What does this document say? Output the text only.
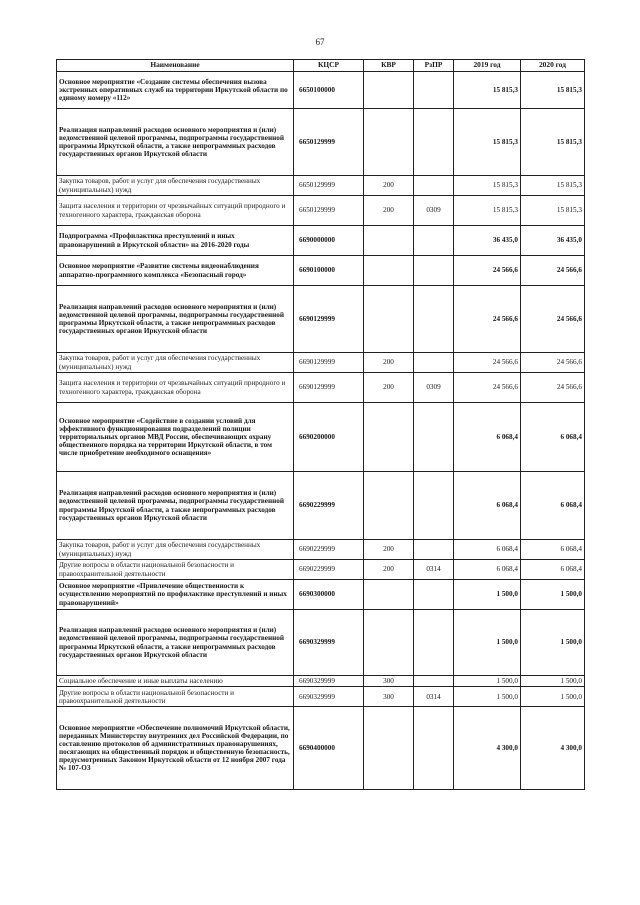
67
Наименование	КЦСР	КВР	РзПР	2019 год	2020 год
Основное мероприятие «Создание системы обеспечения вызова экстренных оперативных служб на территории Иркутской области по единому номеру «112»	6650100000			15 815,3	15 815,3
Реализация направлений расходов основного мероприятия и (или) ведомственной целевой программы, подпрограммы государственной программы Иркутской области, а также непрограммных расходов государственных органов Иркутской области	6650129999			15 815,3	15 815,3
Закупка товаров, работ и услуг для обеспечения государственных (муниципальных) нужд	6650129999	200		15 815,3	15 815,3
Защита населения и территории от чрезвычайных ситуаций природного и техногенного характера, гражданская оборона	6650129999	200	0309	15 815,3	15 815,3
Подпрограмма «Профилактика преступлений и иных правонарушений в Иркутской области» на 2016-2020 годы	6690000000			36 435,0	36 435,0
Основное мероприятие «Развитие системы видеонаблюдения аппаратно-программного комплекса «Безопасный город»	6690100000			24 566,6	24 566,6
Реализация направлений расходов основного мероприятия и (или) ведомственной целевой программы, подпрограммы государственной программы Иркутской области, а также непрограммных расходов государственных органов Иркутской области	6690129999			24 566,6	24 566,6
Закупка товаров, работ и услуг для обеспечения государственных (муниципальных) нужд	6690129999	200		24 566,6	24 566,6
Защита населения и территории от чрезвычайных ситуаций природного и техногенного характера, гражданская оборона	6690129999	200	0309	24 566,6	24 566,6
Основное мероприятие «Содействие в создании условий для эффективного функционирования подразделений полиции территориальных органов МВД России, обеспечивающих охрану общественного порядка на территории Иркутской области, в том числе приобретение необходимого оснащения»	6690200000			6 068,4	6 068,4
Реализация направлений расходов основного мероприятия и (или) ведомственной целевой программы, подпрограммы государственной программы Иркутской области, а также непрограммных расходов государственных органов Иркутской области	6690229999			6 068,4	6 068,4
Закупка товаров, работ и услуг для обеспечения государственных (муниципальных) нужд	6690229999	200		6 068,4	6 068,4
Другие вопросы в области национальной безопасности и правоохранительной деятельности	6690229999	200	0314	6 068,4	6 068,4
Основное мероприятие «Привлечение общественности к осуществлению мероприятий по профилактике преступлений и иных правонарушений»	6690300000			1 500,0	1 500,0
Реализация направлений расходов основного мероприятия и (или) ведомственной целевой программы, подпрограммы государственной программы Иркутской области, а также непрограммных расходов государственных органов Иркутской области	6690329999			1 500,0	1 500,0
Социальное обеспечение и иные выплаты населению	6690329999	300		1 500,0	1 500,0
Другие вопросы в области национальной безопасности и правоохранительной деятельности	6690329999	300	0314	1 500,0	1 500,0
Основное мероприятие «Обеспечение полномочий Иркутской области, переданных Министерству внутренних дел Российской Федерации, по составлению протоколов об административных правонарушениях, посягающих на общественный порядок и общественную безопасность, предусмотренных Законом Иркутской области от 12 ноября 2007 года № 107-ОЗ	6690400000			4 300,0	4 300,0
